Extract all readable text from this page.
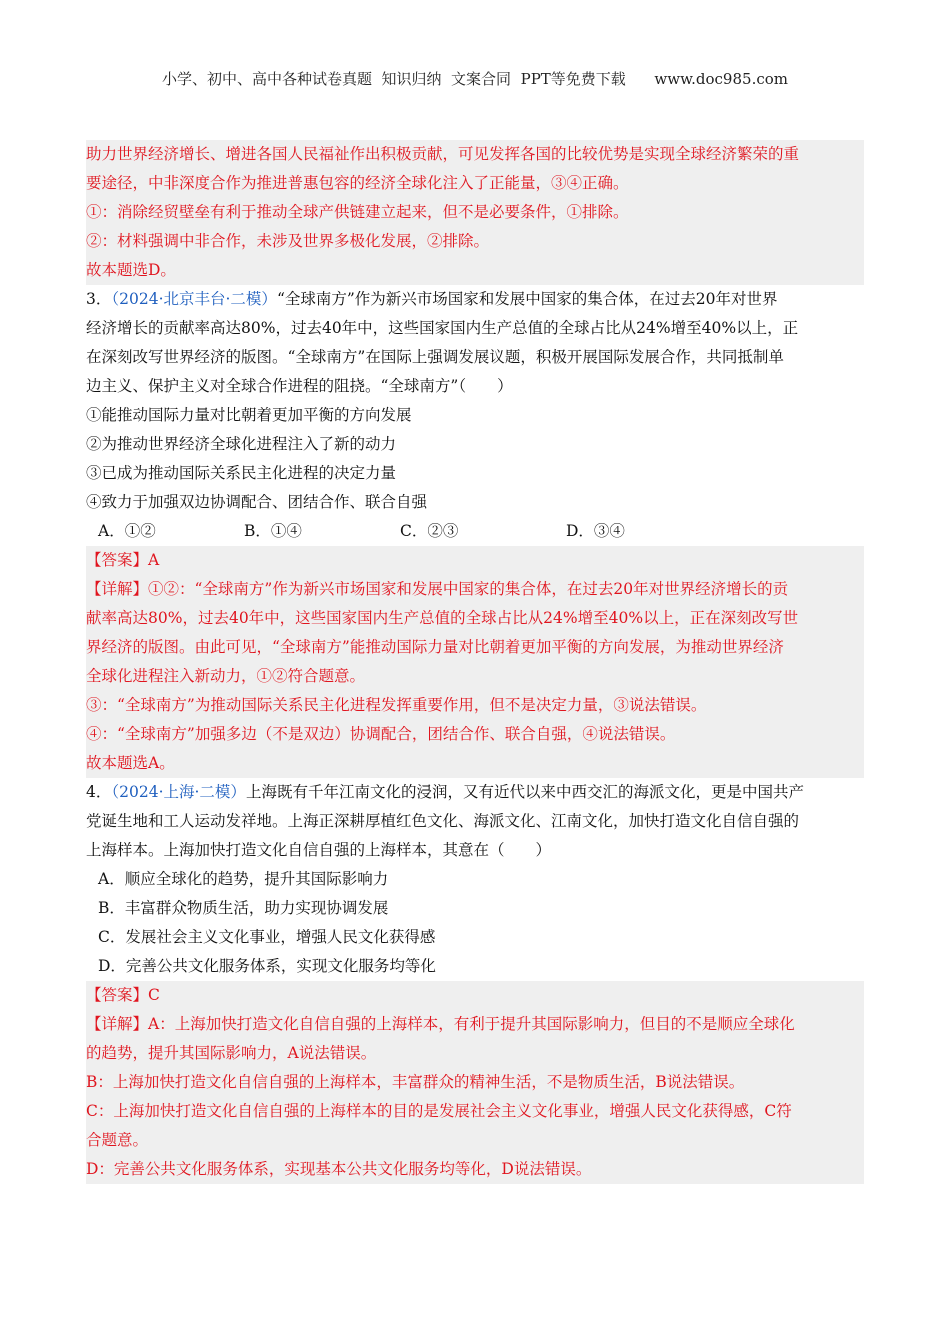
小学、初中、高中各种试卷真题  知识归纳  文案合同  PPT等免费下载      www.doc985.com
助力世界经济增长、增进各国人民福祉作出积极贡献，可见发挥各国的比较优势是实现全球经济繁荣的重
要途径，中非深度合作为推进普惠包容的经济全球化注入了正能量，③④正确。
①：消除经贸壁垒有利于推动全球产供链建立起来，但不是必要条件，①排除。
②：材料强调中非合作，未涉及世界多极化发展，②排除。
故本题选D。
3．（2024·北京丰台·二模）“全球南方”作为新兴市场国家和发展中国家的集合体，在过去20年对世界
经济增长的贡献率高达80%，过去40年中，这些国家国内生产总值的全球占比从24%增至40%以上，正
在深刻改写世界经济的版图。“全球南方”在国际上强调发展议题，积极开展国际发展合作，共同抵制单
边主义、保护主义对全球合作进程的阻挠。“全球南方”（　　）
①能推动国际力量对比朝着更加平衡的方向发展
②为推动世界经济全球化进程注入了新的动力
③已成为推动国际关系民主化进程的决定力量
④致力于加强双边协调配合、团结合作、联合自强
A．①②	B．①④	C．②③	D．③④
【答案】A
【详解】①②：“全球南方”作为新兴市场国家和发展中国家的集合体，在过去20年对世界经济增长的贡
献率高达80%，过去40年中，这些国家国内生产总值的全球占比从24%增至40%以上，正在深刻改写世
界经济的版图。由此可见，“全球南方”能推动国际力量对比朝着更加平衡的方向发展，为推动世界经济
全球化进程注入新动力，①②符合题意。
③：“全球南方”为推动国际关系民主化进程发挥重要作用，但不是决定力量，③说法错误。
④：“全球南方”加强多边（不是双边）协调配合，团结合作、联合自强，④说法错误。
故本题选A。
4．（2024·上海·二模）上海既有千年江南文化的浸润，又有近代以来中西交汇的海派文化，更是中国共产
党诞生地和工人运动发祥地。上海正深耕厚植红色文化、海派文化、江南文化，加快打造文化自信自强的
上海样本。上海加快打造文化自信自强的上海样本，其意在（　　）
A．顺应全球化的趋势，提升其国际影响力
B．丰富群众物质生活，助力实现协调发展
C．发展社会主义文化事业，增强人民文化获得感
D．完善公共文化服务体系，实现文化服务均等化
【答案】C
【详解】A：上海加快打造文化自信自强的上海样本，有利于提升其国际影响力，但目的不是顺应全球化
的趋势，提升其国际影响力，A说法错误。
B：上海加快打造文化自信自强的上海样本，丰富群众的精神生活，不是物质生活，B说法错误。
C：上海加快打造文化自信自强的上海样本的目的是发展社会主义文化事业，增强人民文化获得感，C符
合题意。
D：完善公共文化服务体系，实现基本公共文化服务均等化，D说法错误。
